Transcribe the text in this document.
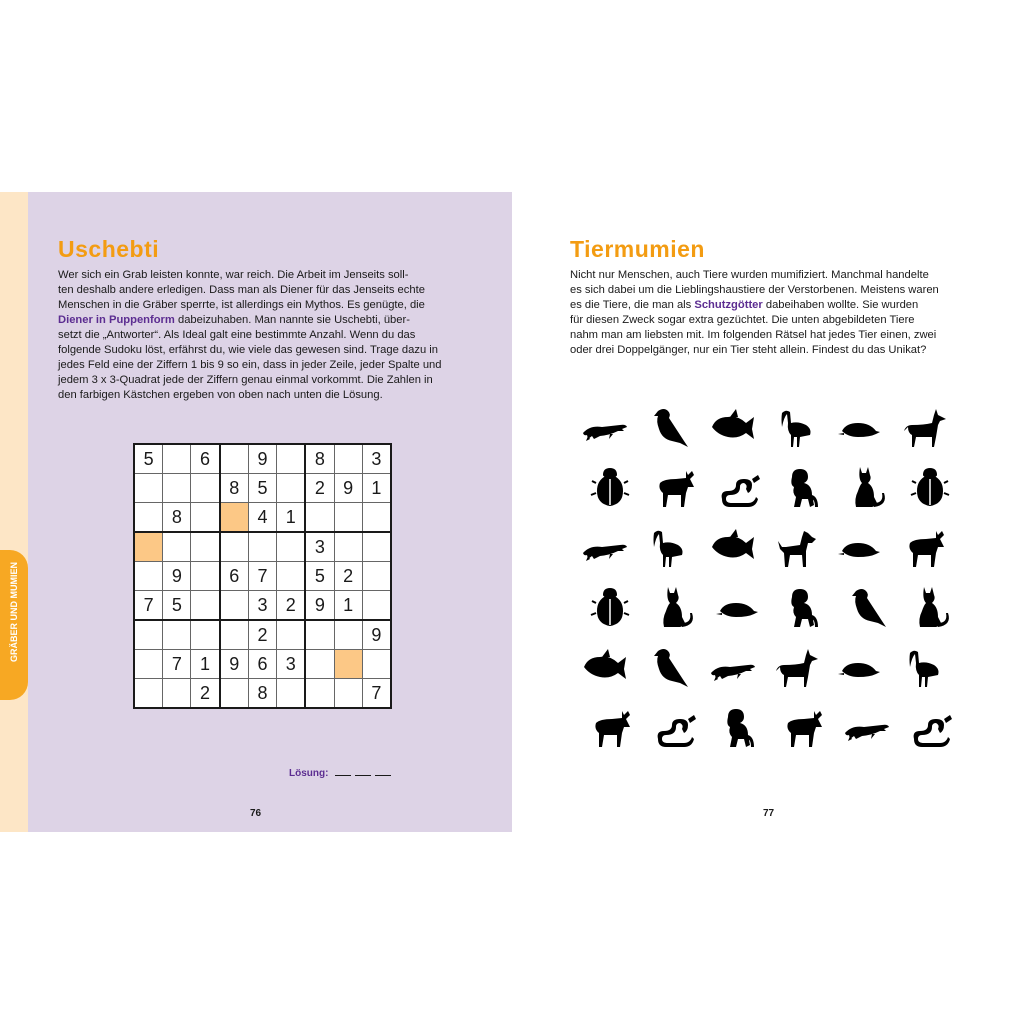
GRÄBER UND MUMIEN
Uschebti
Wer sich ein Grab leisten konnte, war reich. Die Arbeit im Jenseits soll-
ten deshalb andere erledigen. Dass man als Diener für das Jenseits echte
Menschen in die Gräber sperrte, ist allerdings ein Mythos. Es genügte, die
Diener in Puppenform dabeizuhaben. Man nannte sie Uschebti, über-
setzt die „Antworter“. Als Ideal galt eine bestimmte Anzahl. Wenn du das
folgende Sudoku löst, erfährst du, wie viele das gewesen sind. Trage dazu in
jedes Feld eine der Ziffern 1 bis 9 so ein, dass in jeder Zeile, jeder Spalte und
jedem 3 x 3-Quadrat jede der Ziffern genau einmal vorkommt. Die Zahlen in
den farbigen Kästchen ergeben von oben nach unten die Lösung.
5		6		9		8		3
			8	5		2	9	1
	8			4	1			
						3		
	9		6	7		5	2	
7	5			3	2	9	1	
				2				9
	7	1	9	6	3			
		2		8				7
Lösung:
76
Tiermumien
Nicht nur Menschen, auch Tiere wurden mumifiziert. Manchmal handelte
es sich dabei um die Lieblingshaustiere der Verstorbenen. Meistens waren
es die Tiere, die man als Schutzgötter dabeihaben wollte. Sie wurden
für diesen Zweck sogar extra gezüchtet. Die unten abgebildeten Tiere
nahm man am liebsten mit. Im folgenden Rätsel hat jedes Tier einen, zwei
oder drei Doppelgänger, nur ein Tier steht allein. Findest du das Unikat?
77
